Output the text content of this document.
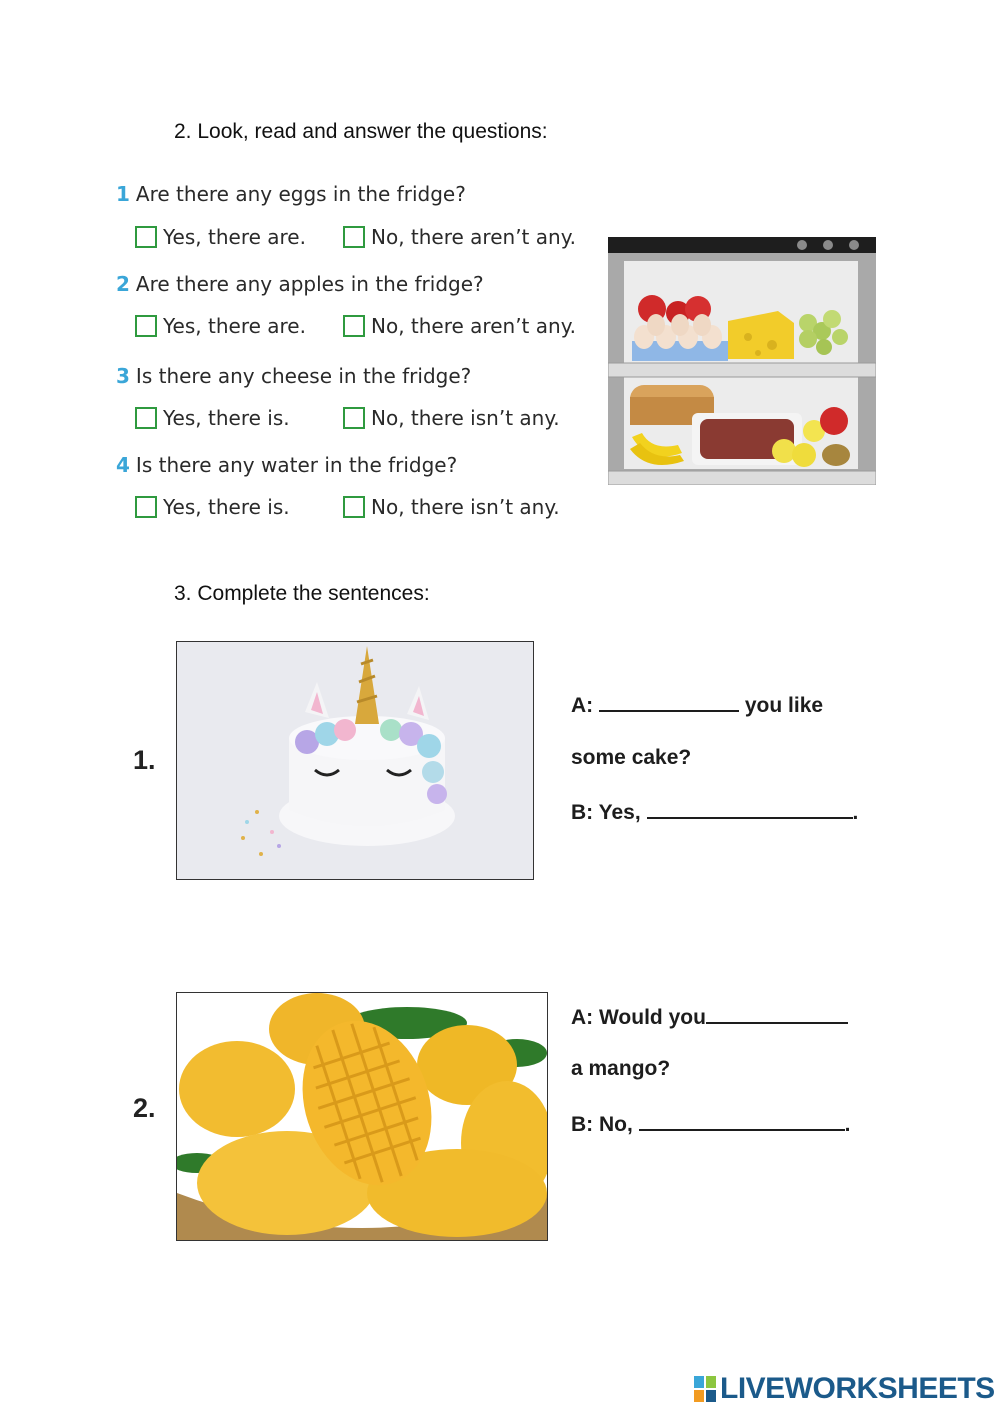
2. Look, read and answer the questions:
1 Are there any eggs in the fridge?
Yes, there are.	No, there aren’t any.
2 Are there any apples in the fridge?
Yes, there are.	No, there aren’t any.
3 Is there any cheese in the fridge?
Yes, there is.	No, there isn’t any.
4 Is there any water in the fridge?
Yes, there is.	No, there isn’t any.
3. Complete the sentences:
1.
A:	you like
some cake?
B: Yes,	.
2.
A: Would you
a mango?
B: No,	.
LIVEWORKSHEETS
